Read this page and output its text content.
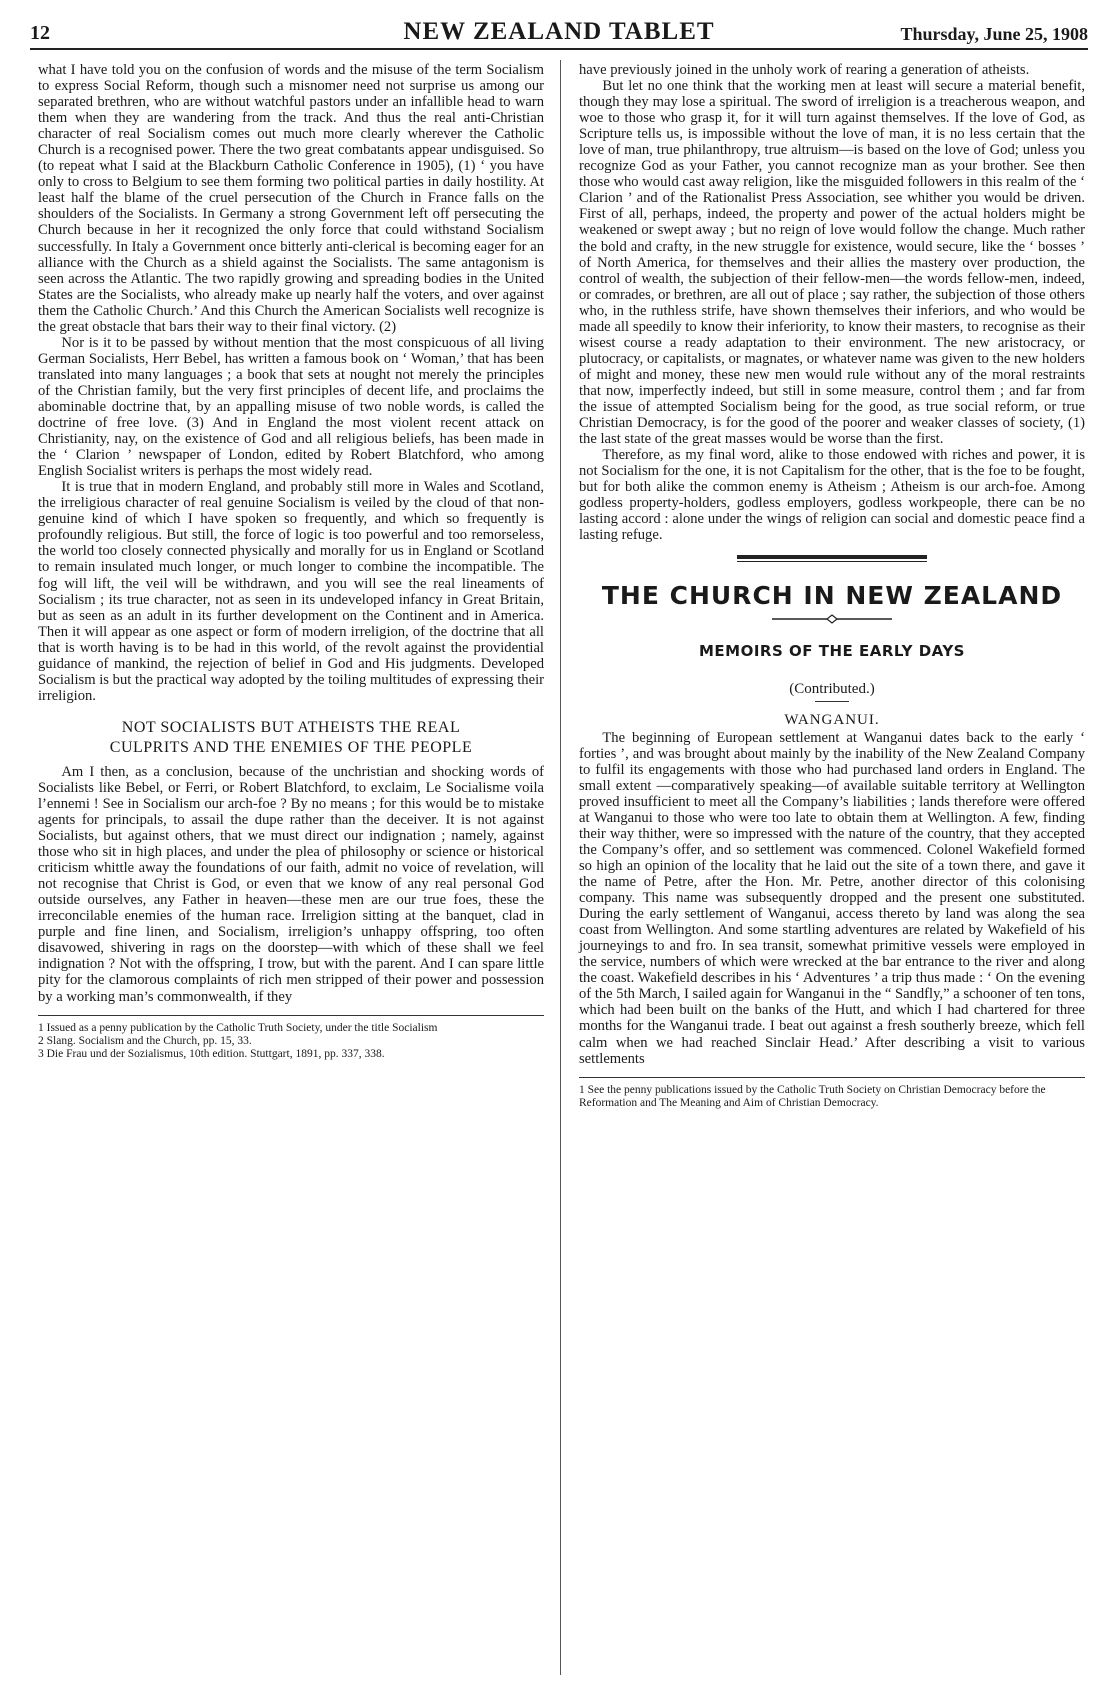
12	NEW ZEALAND TABLET	Thursday, June 25, 1908

what I have told you on the confusion of words and the misuse of the term Socialism to express Social Reform, though such a misnomer need not surprise us among our separated brethren, who are without watchful pastors under an infallible head to warn them when they are wandering from the track. And thus the real anti-Christian character of real Socialism comes out much more clearly wherever the Catholic Church is a recognised power. There the two great combatants appear undisguised. So (to repeat what I said at the Blackburn Catholic Conference in 1905), (1) ‘ you have only to cross to Belgium to see them forming two political parties in daily hostility. At least half the blame of the cruel persecution of the Church in France falls on the shoulders of the Socialists. In Germany a strong Government left off persecuting the Church because in her it recognized the only force that could withstand Socialism successfully. In Italy a Government once bitterly anti-clerical is becoming eager for an alliance with the Church as a shield against the Socialists. The same antagonism is seen across the Atlantic. The two rapidly growing and spreading bodies in the United States are the Socialists, who already make up nearly half the voters, and over against them the Catholic Church.’ And this Church the American Socialists well recognize is the great obstacle that bars their way to their final victory. (2)

Nor is it to be passed by without mention that the most conspicuous of all living German Socialists, Herr Bebel, has written a famous book on ‘ Woman,’ that has been translated into many languages ; a book that sets at nought not merely the principles of the Christian family, but the very first principles of decent life, and proclaims the abominable doctrine that, by an appalling misuse of two noble words, is called the doctrine of free love. (3) And in England the most violent recent attack on Christianity, nay, on the existence of God and all religious beliefs, has been made in the ‘ Clarion ’ newspaper of London, edited by Robert Blatchford, who among English Socialist writers is perhaps the most widely read.

It is true that in modern England, and probably still more in Wales and Scotland, the irreligious character of real genuine Socialism is veiled by the cloud of that non-genuine kind of which I have spoken so frequently, and which so frequently is profoundly religious. But still, the force of logic is too powerful and too remorseless, the world too closely connected physically and morally for us in England or Scotland to remain insulated much longer, or much longer to combine the incompatible. The fog will lift, the veil will be withdrawn, and you will see the real lineaments of Socialism ; its true character, not as seen in its undeveloped infancy in Great Britain, but as seen as an adult in its further development on the Continent and in America. Then it will appear as one aspect or form of modern irreligion, of the doctrine that all that is worth having is to be had in this world, of the revolt against the providential guidance of mankind, the rejection of belief in God and His judgments. Developed Socialism is but the practical way adopted by the toiling multitudes of expressing their irreligion.

NOT SOCIALISTS BUT ATHEISTS THE REAL
CULPRITS AND THE ENEMIES OF THE PEOPLE

Am I then, as a conclusion, because of the unchristian and shocking words of Socialists like Bebel, or Ferri, or Robert Blatchford, to exclaim, Le Socialisme voila l’ennemi ! See in Socialism our arch-foe ? By no means ; for this would be to mistake agents for principals, to assail the dupe rather than the deceiver. It is not against Socialists, but against others, that we must direct our indignation ; namely, against those who sit in high places, and under the plea of philosophy or science or historical criticism whittle away the foundations of our faith, admit no voice of revelation, will not recognise that Christ is God, or even that we know of any real personal God outside ourselves, any Father in heaven—these men are our true foes, these the irreconcilable enemies of the human race. Irreligion sitting at the banquet, clad in purple and fine linen, and Socialism, irreligion’s unhappy offspring, too often disavowed, shivering in rags on the doorstep—with which of these shall we feel indignation ? Not with the offspring, I trow, but with the parent. And I can spare little pity for the clamorous complaints of rich men stripped of their power and possession by a working man’s commonwealth, if they

1 Issued as a penny publication by the Catholic Truth Society, under the title Socialism
2 Slang. Socialism and the Church, pp. 15, 33.
3 Die Frau und der Sozialismus, 10th edition. Stuttgart, 1891, pp. 337, 338.

have previously joined in the unholy work of rearing a generation of atheists.

But let no one think that the working men at least will secure a material benefit, though they may lose a spiritual. The sword of irreligion is a treacherous weapon, and woe to those who grasp it, for it will turn against themselves. If the love of God, as Scripture tells us, is impossible without the love of man, it is no less certain that the love of man, true philanthropy, true altruism—is based on the love of God; unless you recognize God as your Father, you cannot recognize man as your brother. See then those who would cast away religion, like the misguided followers in this realm of the ‘ Clarion ’ and of the Rationalist Press Association, see whither you would be driven. First of all, perhaps, indeed, the property and power of the actual holders might be weakened or swept away ; but no reign of love would follow the change. Much rather the bold and crafty, in the new struggle for existence, would secure, like the ‘ bosses ’ of North America, for themselves and their allies the mastery over production, the control of wealth, the subjection of their fellow-men—the words fellow-men, indeed, or comrades, or brethren, are all out of place ; say rather, the subjection of those others who, in the ruthless strife, have shown themselves their inferiors, and who would be made all speedily to know their inferiority, to know their masters, to recognise as their wisest course a ready adaptation to their environment. The new aristocracy, or plutocracy, or capitalists, or magnates, or whatever name was given to the new holders of might and money, these new men would rule without any of the moral restraints that now, imperfectly indeed, but still in some measure, control them ; and far from the issue of attempted Socialism being for the good, as true social reform, or true Christian Democracy, is for the good of the poorer and weaker classes of society, (1) the last state of the great masses would be worse than the first.

Therefore, as my final word, alike to those endowed with riches and power, it is not Socialism for the one, it is not Capitalism for the other, that is the foe to be fought, but for both alike the common enemy is Atheism ; Atheism is our arch-foe. Among godless property-holders, godless employers, godless workpeople, there can be no lasting accord : alone under the wings of religion can social and domestic peace find a lasting refuge.

THE CHURCH IN NEW ZEALAND
MEMOIRS OF THE EARLY DAYS
(Contributed.)
WANGANUI.

The beginning of European settlement at Wanganui dates back to the early ‘ forties ’, and was brought about mainly by the inability of the New Zealand Company to fulfil its engagements with those who had purchased land orders in England. The small extent —comparatively speaking—of available suitable territory at Wellington proved insufficient to meet all the Company’s liabilities ; lands therefore were offered at Wanganui to those who were too late to obtain them at Wellington. A few, finding their way thither, were so impressed with the nature of the country, that they accepted the Company’s offer, and so settlement was commenced. Colonel Wakefield formed so high an opinion of the locality that he laid out the site of a town there, and gave it the name of Petre, after the Hon. Mr. Petre, another director of this colonising company. This name was subsequently dropped and the present one substituted. During the early settlement of Wanganui, access thereto by land was along the sea coast from Wellington. And some startling adventures are related by Wakefield of his journeyings to and fro. In sea transit, somewhat primitive vessels were employed in the service, numbers of which were wrecked at the bar entrance to the river and along the coast. Wakefield describes in his ‘ Adventures ’ a trip thus made : ‘ On the evening of the 5th March, I sailed again for Wanganui in the “ Sandfly,” a schooner of ten tons, which had been built on the banks of the Hutt, and which I had chartered for three months for the Wanganui trade. I beat out against a fresh southerly breeze, which fell calm when we had reached Sinclair Head.’ After describing a visit to various settlements

1 See the penny publications issued by the Catholic Truth Society on Christian Democracy before the Reformation and The Meaning and Aim of Christian Democracy.
